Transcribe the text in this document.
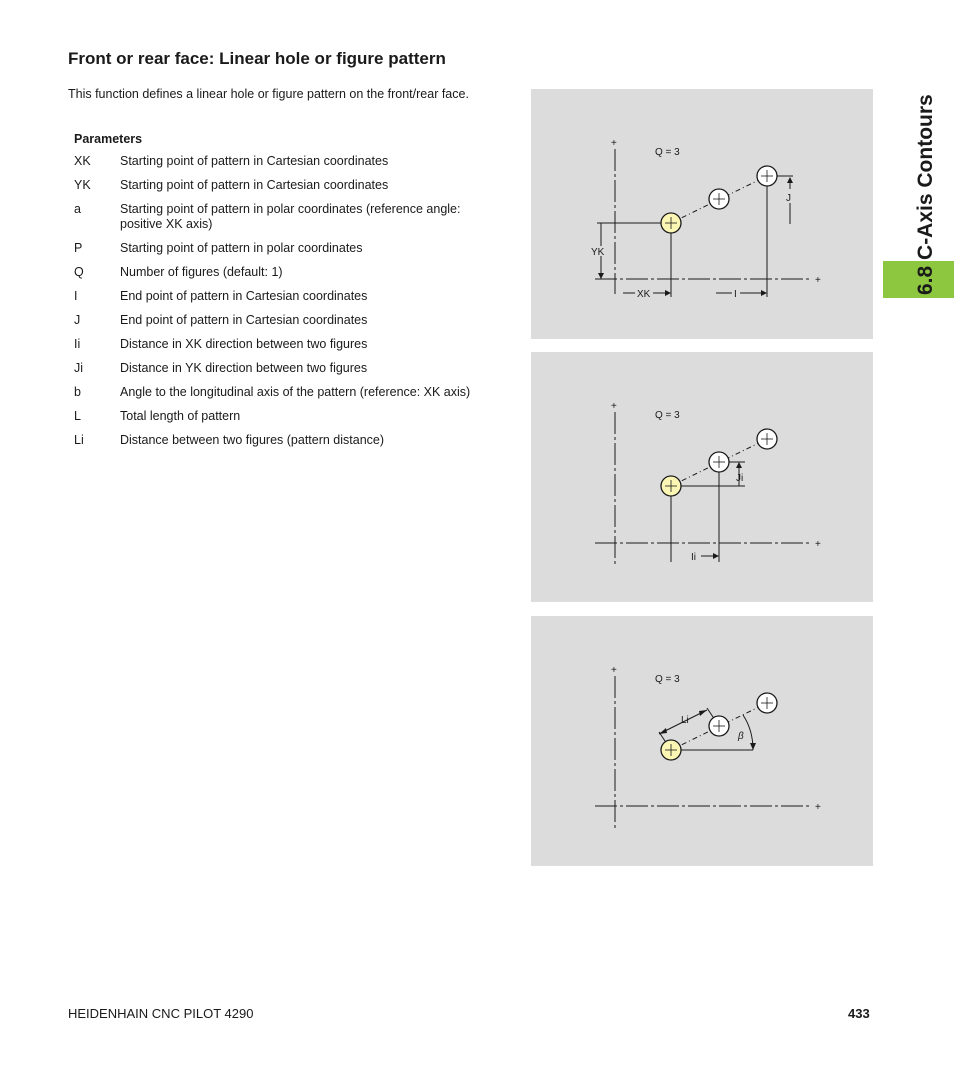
Front or rear face: Linear hole or figure pattern

This function defines a linear hole or figure pattern on the front/rear face.

Parameters
XK	Starting point of pattern in Cartesian coordinates
YK	Starting point of pattern in Cartesian coordinates
a	Starting point of pattern in polar coordinates (reference angle: positive XK axis)
P	Starting point of pattern in polar coordinates
Q	Number of figures (default: 1)
I	End point of pattern in Cartesian coordinates
J	End point of pattern in Cartesian coordinates
Ii	Distance in XK direction between two figures
Ji	Distance in YK direction between two figures
b	Angle to the longitudinal axis of the pattern (reference: XK axis)
L	Total length of pattern
Li	Distance between two figures (pattern distance)
6.8 C-Axis Contours
+
+
Q = 3
J
YK
XK	I
+
+
Q = 3
Ji
Ii
+
+
Q = 3
Li
β
HEIDENHAIN CNC PILOT 4290	433
